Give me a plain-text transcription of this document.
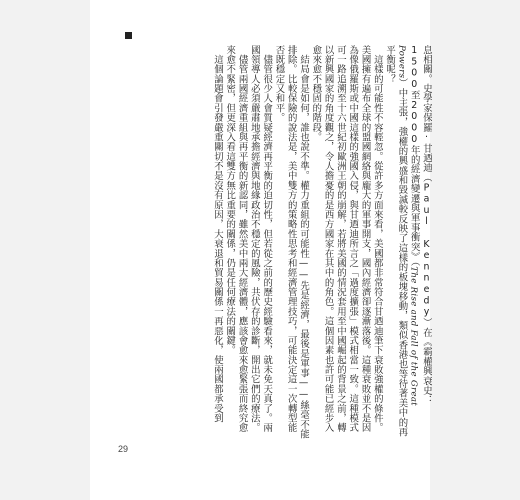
息相關。史學家保羅·甘迺迪（Paul Kennedy）在《霸權興衰史：1500至2000年的經濟變遷與軍事衝突》（The Rise and Fall of the Great Powers）中主張，強權的興盛和毀滅較反映了這樣的板塊移動，類似香港也等待著美中的再平衡呢？

　這樣的可能性不容輕忽。從許多方面來看，美國都非常符合甘迺迪筆下衰敗強權的條件。美國擁有遍布全球的盟國網絡與龐大的軍事開支，國內經濟卻逐漸落後。這種衰敗並不是因為像俄羅斯或中國這樣的強國入侵，與甘迺迪所言之「過度擴張」模式相當一致。這種模式可一路追溯至十六世紀初歐洲王朝的崩解，若將美國的情況套用至中國崛起的背景之前，轉以新興國家的角度觀之，令人擔憂的是西方國家在其中的角色。這個因素也許可能已經步入愈來愈不穩固的階段。

　結局會是如何，誰也說不準。權力重組的可能性——先是經濟，最後是軍事——絲毫不能排除。比較保險的說法是，美中雙方的策略性思考和經濟管理技巧，可能決定這一次轉型能否既穩定又和平。

　儘管很少人會質疑經濟再平衡的迫切性，但若從之前的歷史經驗看來，就未免天真了。兩國領導人必須嚴肅地承擔經濟與地緣政治不穩定的風險，共伏存的診斷，開出它們的療法。

　儘管兩國經濟重組與再平衡的新認同，雖然美中兩大經濟體，應該會愈來愈緊張而終究愈來愈不緊密，但更深入看這雙方無比重要的關係，仍是任何療法的關鍵。

　這個論題會引發嚴重關切不是沒有原因，大衰退和貿易關係一再惡化，使兩國都承受到

29
